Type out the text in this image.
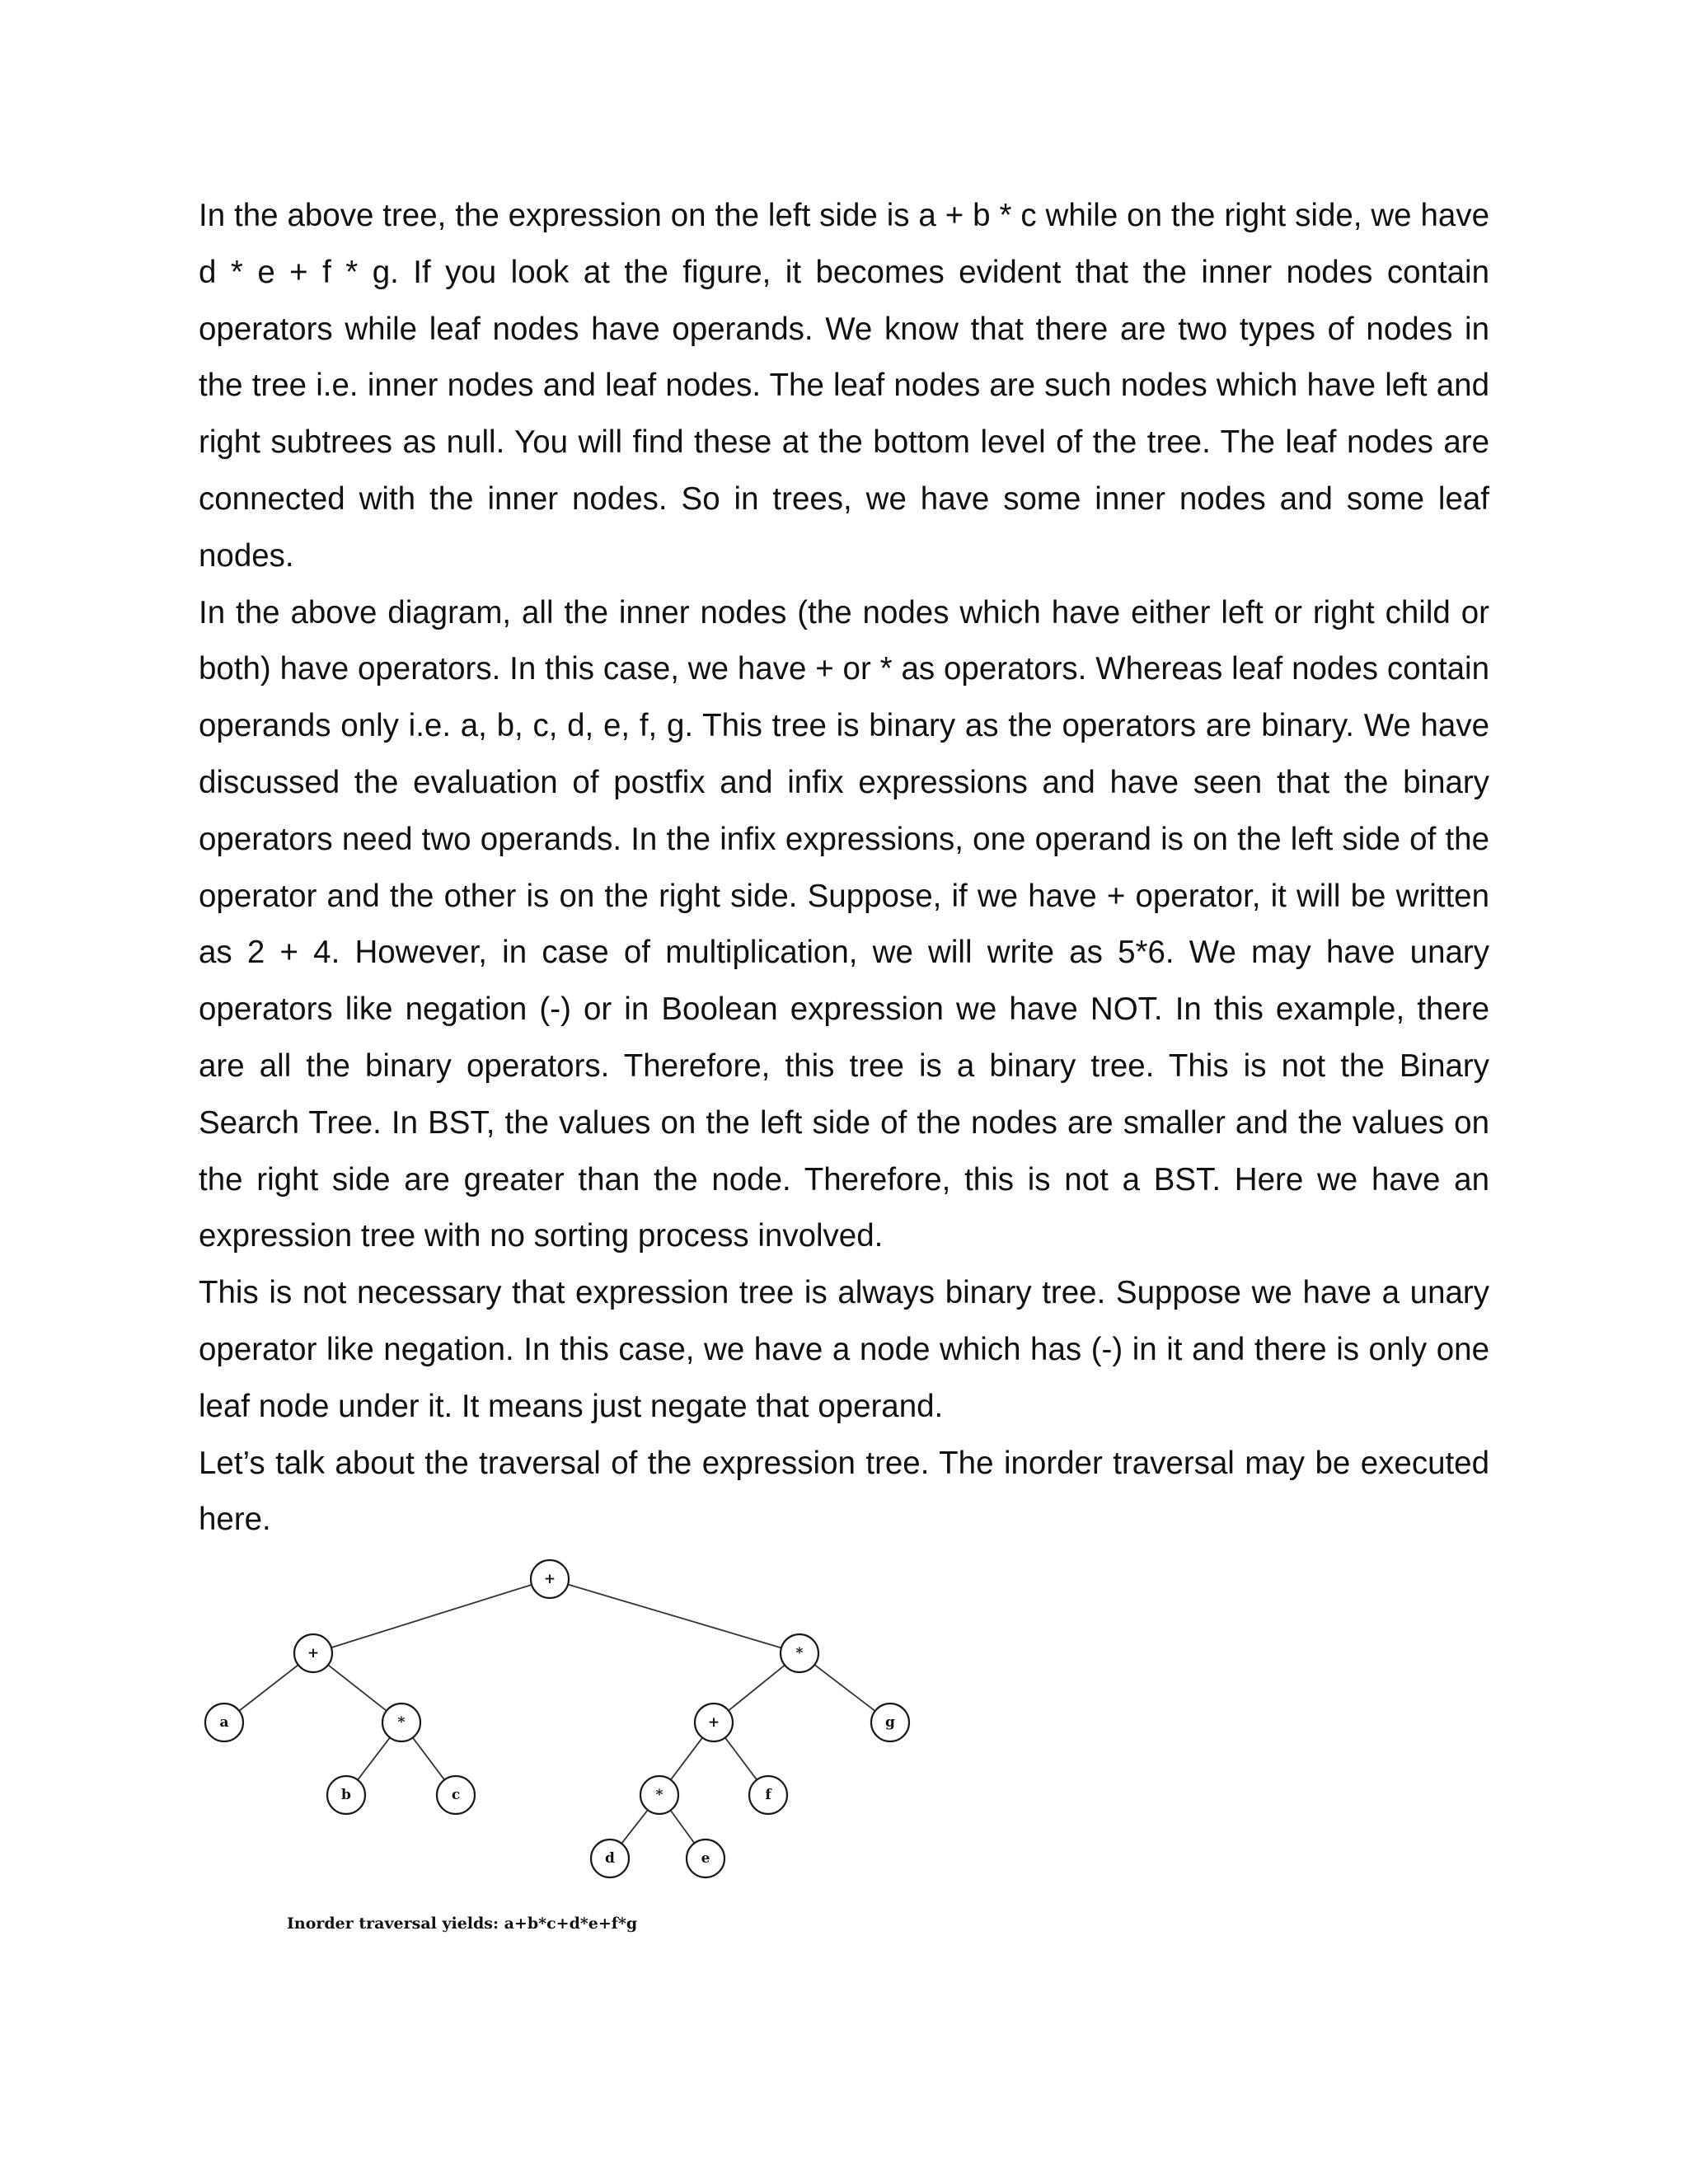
In the above tree, the expression on the left side is a + b * c while on the right side, we have d * e + f * g. If you look at the figure, it becomes evident that the inner nodes contain operators while leaf nodes have operands. We know that there are two types of nodes in the tree i.e. inner nodes and leaf nodes. The leaf nodes are such nodes which have left and right subtrees as null. You will find these at the bottom level of the tree. The leaf nodes are connected with the inner nodes. So in trees, we have some inner nodes and some leaf nodes.

In the above diagram, all the inner nodes (the nodes which have either left or right child or both) have operators. In this case, we have + or * as operators. Whereas leaf nodes contain operands only i.e. a, b, c, d, e, f, g. This tree is binary as the operators are binary. We have discussed the evaluation of postfix and infix expressions and have seen that the binary operators need two operands. In the infix expressions, one operand is on the left side of the operator and the other is on the right side. Suppose, if we have + operator, it will be written as 2 + 4. However, in case of multiplication, we will write as 5*6. We may have unary operators like negation (-) or in Boolean expression we have NOT. In this example, there are all the binary operators. Therefore, this tree is a binary tree. This is not the Binary Search Tree. In BST, the values on the left side of the nodes are smaller and the values on the right side are greater than the node. Therefore, this is not a BST. Here we have an expression tree with no sorting process involved.

This is not necessary that expression tree is always binary tree. Suppose we have a unary operator like negation. In this case, we have a node which has (-) in it and there is only one leaf node under it. It means just negate that operand.

Let’s talk about the traversal of the expression tree. The inorder traversal may be executed here.

+
+	*
a	*
b	c
+	g
*	f
d	e
Inorder traversal yields: a+b*c+d*e+f*g
